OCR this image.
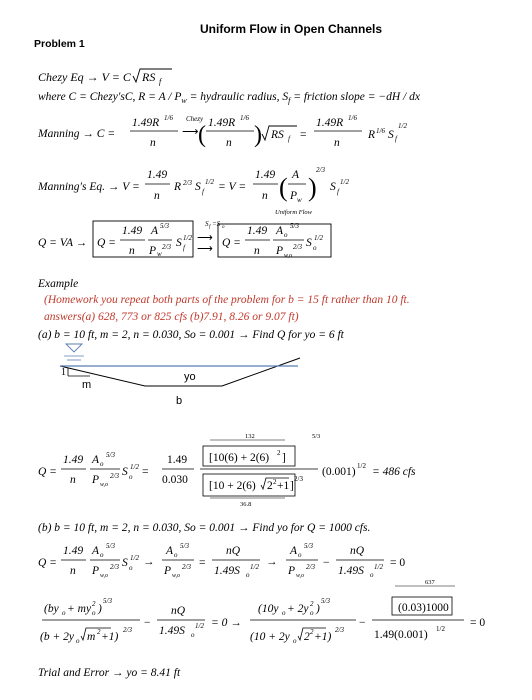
Uniform Flow in Open Channels
Problem 1
Chezy Eq → V = C RS f
where C = Chezy′sC, $R = A / P_w$ = hydraulic radius, $S_f$ = friction slope = −dH / dx
Manning → C =
1.49R 1/6
n
Chezy
⟶ ( 1.49R 1/6
n ) RS f =
1.49R 1/6
n
R 1/6 S f
1/2
Manning′s Eq. → V =
1.49
n
R 2/3 S f
1/2 = V =
1.49
n ( A
P w )
2/3
S f
1/2
Uniform Flow
Q = VA → Q =
1.49
n
A 5/3
P w
2/3 S f
1/2
S f =S o
⟶
⟶ Q =
1.49
n
A o
5/3
P w,o
2/3 S o
1/2
Example
(Homework you repeat both parts of the problem for b = 15 ft rather than 10 ft.
answers(a) 628, 773 or 825 cfs (b)7.91, 8.26 or 9.07 ft)
(a) b = 10 ft, m = 2, n = 0.030, So = 0.001 → Find Q for yo = 6 ft
1
m
yo
b
132	5/3
Q =
1.49
n
A o
5/3
P w,o
2/3 S o
1/2 =
1.49
0.030
[10(6) + 2(6) 2 ]
[10 + 2(6) 2 2 +1 ]
2/3
36.8
(0.001) 1/2 = 486 cfs
(b) b = 10 ft, m = 2, n = 0.030, So = 0.001 → Find yo for Q = 1000 cfs.
Q =
1.49
n
A o
5/3
P w,o
2/3 S o
1/2 →
A o
5/3
P w,o
2/3 =
nQ
1.49S o
1/2 →
A o
5/3
P w,o
2/3 −
nQ
1.49S o
1/2 = 0
637
(by o + my 2
o )
5/3
(b + 2y o m 2 +1)
2/3
−
nQ
1.49S o
1/2 = 0 →
(10y o + 2y 2
o )
5/3
(10 + 2y o 2 2 +1)
2/3
−
(0.03)1000
1.49(0.001) 1/2 = 0
Trial and Error → yo = 8.41 ft
